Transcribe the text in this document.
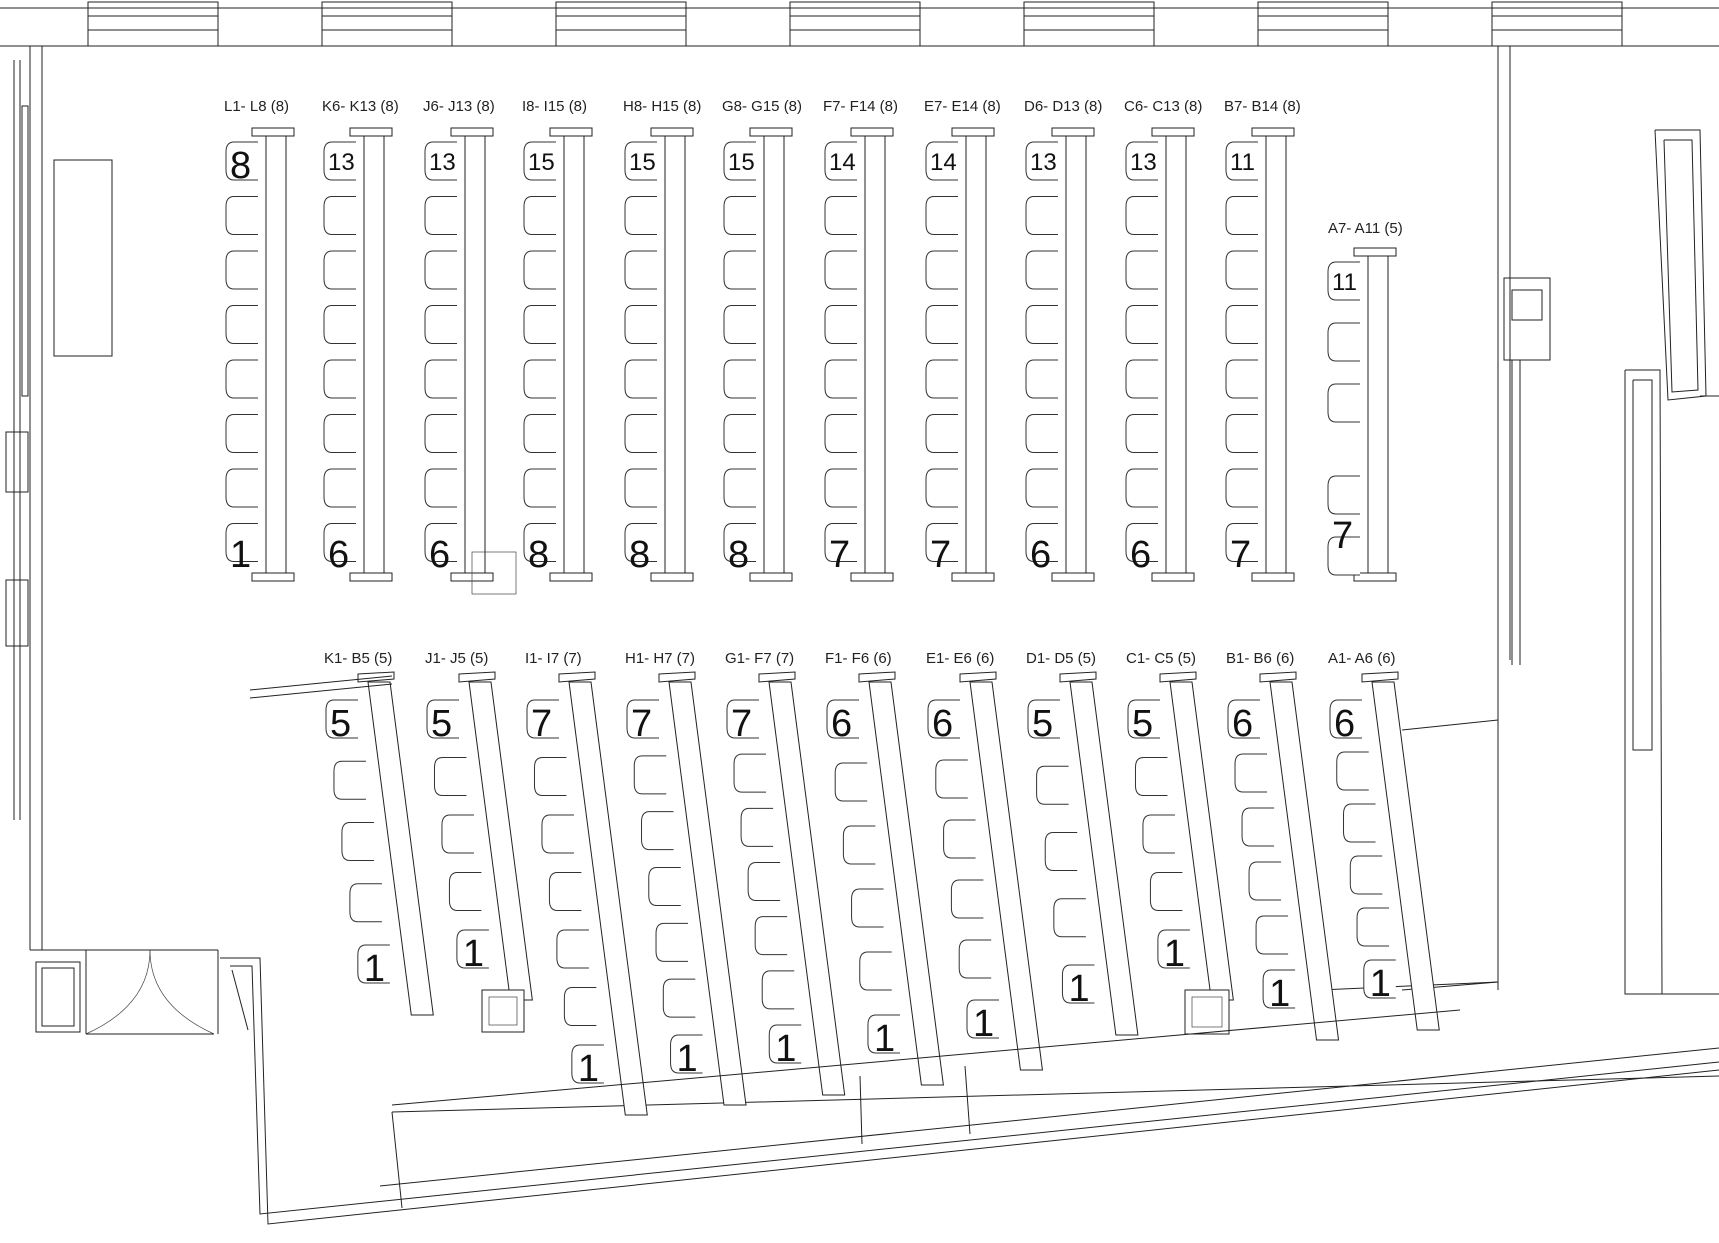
L1- L8 (8)
8
1
K6- K13 (8)
13
6
J6- J13 (8)
13
6
I8- I15 (8)
15
8
H8- H15 (8)
15
8
G8- G15 (8)
15
8
F7- F14 (8)
14
7
E7- E14 (8)
14
7
D6- D13 (8)
13
6
C6- C13 (8)
13
6
B7- B14 (8)
11
7
A7- A11 (5)
11
7
K1- B5 (5)
5
1
J1- J5 (5)
5
1
I1- I7 (7)
7
1
H1- H7 (7)
7
1
G1- F7 (7)
7
1
F1- F6 (6)
6
1
E1- E6 (6)
6
1
D1- D5 (5)
5
1
C1- C5 (5)
5
1
B1- B6 (6)
6
1
A1- A6 (6)
6
1
